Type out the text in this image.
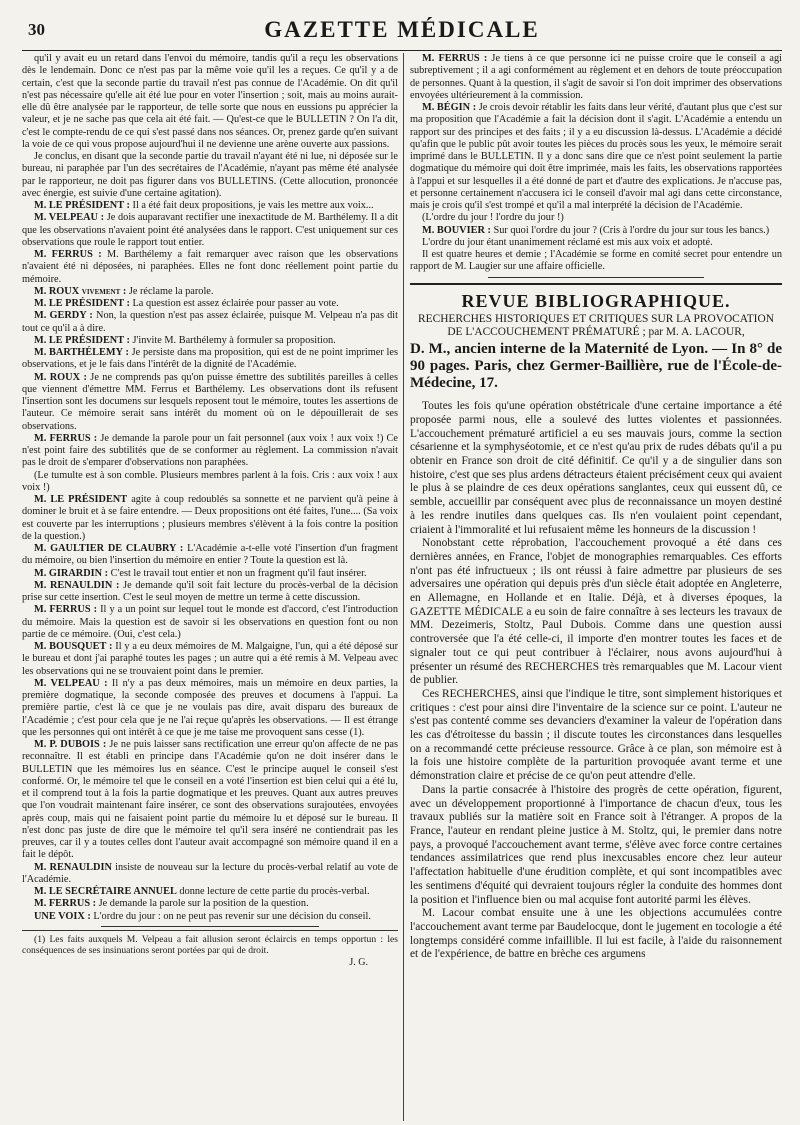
30	GAZETTE MÉDICALE

qu'il y avait eu un retard dans l'envoi du mémoire, tandis qu'il a reçu les observations dès le lendemain. Donc ce n'est pas par la même voie qu'il les a reçues. Ce qu'il y a de certain, c'est que la seconde partie du travail n'est pas connue de l'Académie. On dit qu'il n'est pas nécessaire qu'elle ait été lue pour en voter l'insertion ; soit, mais au moins aurait-elle dû être analysée par le rapporteur, de telle sorte que nous en eussions pu apprécier la valeur, et je ne sache pas que cela ait été fait. — Qu'est-ce que le BULLETIN ? On l'a dit, c'est le compte-rendu de ce qui s'est passé dans nos séances. Or, prenez garde qu'en suivant la voie de ce qui vous propose aujourd'hui il ne devienne une arène ouverte aux passions.

Je conclus, en disant que la seconde partie du travail n'ayant été ni lue, ni déposée sur le bureau, ni paraphée par l'un des secrétaires de l'Académie, n'ayant pas même été analysée par le rapporteur, ne doit pas figurer dans vos BULLETINS. (Cette allocution, prononcée avec énergie, est suivie d'une certaine agitation).

M. LE PRÉSIDENT : Il a été fait deux propositions, je vais les mettre aux voix...

M. VELPEAU : Je dois auparavant rectifier une inexactitude de M. Barthélemy. Il a dit que les observations n'avaient point été analysées dans le rapport. C'est uniquement sur ces observations que roule le rapport tout entier.

M. FERRUS : M. Barthélemy a fait remarquer avec raison que les observations n'avaient été ni déposées, ni paraphées. Elles ne font donc réellement point partie du mémoire.

M. ROUX vivement : Je réclame la parole.

M. LE PRÉSIDENT : La question est assez éclairée pour passer au vote.

M. GERDY : Non, la question n'est pas assez éclairée, puisque M. Velpeau n'a pas dit tout ce qu'il a à dire.

M. LE PRÉSIDENT : J'invite M. Barthélemy à formuler sa proposition.

M. BARTHÉLEMY : Je persiste dans ma proposition, qui est de ne point imprimer les observations, et je le fais dans l'intérêt de la dignité de l'Académie.

M. ROUX : Je ne comprends pas qu'on puisse émettre des subtilités pareilles à celles que viennent d'émettre MM. Ferrus et Barthélemy. Les observations dont ils refusent l'insertion sont les documens sur lesquels reposent tout le mémoire, toutes les assertions de l'auteur. Ce mémoire serait sans intérêt du moment où on le dépouillerait de ses observations.

M. FERRUS : Je demande la parole pour un fait personnel (aux voix ! aux voix !) Ce n'est point faire des subtilités que de se conformer au règlement. La commission n'avait pas le droit de s'emparer d'observations non paraphées.

(Le tumulte est à son comble. Plusieurs membres parlent à la fois. Cris : aux voix ! aux voix !)

M. LE PRÉSIDENT agite à coup redoublés sa sonnette et ne parvient qu'à peine à dominer le bruit et à se faire entendre. — Deux propositions ont été faites, l'une.... (Sa voix est couverte par les interruptions ; plusieurs membres s'élèvent à la fois contre la position de la question.)

M. GAULTIER DE CLAUBRY : L'Académie a-t-elle voté l'insertion d'un fragment du mémoire, ou bien l'insertion du mémoire en entier ? Toute la question est là.

M. GIRARDIN : C'est le travail tout entier et non un fragment qu'il faut insérer.

M. RENAULDIN : Je demande qu'il soit fait lecture du procès-verbal de la décision prise sur cette insertion. C'est le seul moyen de mettre un terme à cette discussion.

M. FERRUS : Il y a un point sur lequel tout le monde est d'accord, c'est l'introduction du mémoire. Mais la question est de savoir si les observations en question font ou non partie de ce mémoire. (Oui, c'est cela.)

M. BOUSQUET : Il y a eu deux mémoires de M. Malgaigne, l'un, qui a été déposé sur le bureau et dont j'ai paraphé toutes les pages ; un autre qui a été remis à M. Velpeau avec les observations qui ne se trouvaient point dans le premier.

M. VELPEAU : Il n'y a pas deux mémoires, mais un mémoire en deux parties, la première dogmatique, la seconde composée des preuves et documens à l'appui. La première partie, c'est là ce que je ne voulais pas dire, avait disparu des bureaux de l'Académie ; c'est pour cela que je ne l'ai reçue qu'après les observations. — Il est étrange que les personnes qui ont intérêt à ce que je me taise me provoquent sans cesse (1).

M. P. DUBOIS : Je ne puis laisser sans rectification une erreur qu'on affecte de ne pas reconnaître. Il est établi en principe dans l'Académie qu'on ne doit insérer dans le BULLETIN que les mémoires lus en séance. C'est le principe auquel le conseil s'est conformé. Or, le mémoire tel que le conseil en a voté l'insertion est bien celui qui a été lu, et il comprend tout à la fois la partie dogmatique et les preuves. Quant aux autres preuves que l'on voudrait maintenant faire insérer, ce sont des observations surajoutées, envoyées après coup, mais qui ne faisaient point partie du mémoire lu et déposé sur le bureau. Il n'est donc pas juste de dire que le mémoire tel qu'il sera inséré ne contiendrait pas les preuves, car il y a toutes celles dont l'auteur avait accompagné son mémoire quand il en a fait le dépôt.

M. RENAULDIN insiste de nouveau sur la lecture du procès-verbal relatif au vote de l'Académie.

M. LE SECRÉTAIRE ANNUEL donne lecture de cette partie du procès-verbal.

M. FERRUS : Je demande la parole sur la position de la question.

UNE VOIX : L'ordre du jour : on ne peut pas revenir sur une décision du conseil.

(1) Les faits auxquels M. Velpeau a fait allusion seront éclaircis en temps opportun : les conséquences de ses insinuations seront portées par qui de droit.

J. G.

M. FERRUS : Je tiens à ce que personne ici ne puisse croire que le conseil a agi subreptivement ; il a agi conformément au règlement et en dehors de toute préoccupation de personnes. Quant à la question, il s'agit de savoir si l'on doit imprimer des observations envoyées ultérieurement à la commission.

M. BÉGIN : Je crois devoir rétablir les faits dans leur vérité, d'autant plus que c'est sur ma proposition que l'Académie a fait la décision dont il s'agit. L'Académie a entendu un rapport sur des principes et des faits ; il y a eu discussion là-dessus. L'Académie a décidé qu'afin que le public pût avoir toutes les pièces du procès sous les yeux, le mémoire serait imprimé dans le BULLETIN. Il y a donc sans dire que ce n'est point seulement la partie dogmatique du mémoire qui doit être imprimée, mais les faits, les observations rapportées à l'appui et sur lesquelles il a été donné de part et d'autre des explications. Je n'accuse pas, et personne certainement n'accusera ici le conseil d'avoir mal agi dans cette circonstance, mais je crois qu'il s'est trompé et qu'il a mal interprété la décision de l'Académie.

(L'ordre du jour ! l'ordre du jour !)

M. BOUVIER : Sur quoi l'ordre du jour ? (Cris à l'ordre du jour sur tous les bancs.)

L'ordre du jour étant unanimement réclamé est mis aux voix et adopté.

Il est quatre heures et demie ; l'Académie se forme en comité secret pour entendre un rapport de M. Laugier sur une affaire officielle.

REVUE BIBLIOGRAPHIQUE.

RECHERCHES HISTORIQUES ET CRITIQUES SUR LA PROVOCATION DE L'ACCOUCHEMENT PRÉMATURÉ ; par M. A. LACOUR,

D. M., ancien interne de la Maternité de Lyon. — In 8° de 90 pages. Paris, chez Germer-Baillière, rue de l'École-de-Médecine, 17.

Toutes les fois qu'une opération obstétricale d'une certaine importance a été proposée parmi nous, elle a soulevé des luttes violentes et passionnées. L'accouchement prématuré artificiel a eu ses mauvais jours, comme la section césarienne et la symphyséotomie, et ce n'est qu'au prix de rudes débats qu'il a pu obtenir en France son droit de cité définitif. Ce qu'il y a de singulier dans son histoire, c'est que ses plus ardens détracteurs étaient précisément ceux qui avaient le plus à se plaindre de ces deux opérations sanglantes, ceux qui eussent dû, ce semble, accueillir par conséquent avec plus de reconnaissance un moyen destiné à les rendre inutiles dans quelques cas. Ils n'en voulaient point cependant, criaient à l'immoralité et lui refusaient même les honneurs de la discussion !

Nonobstant cette réprobation, l'accouchement provoqué a été dans ces dernières années, en France, l'objet de monographies remarquables. Ces efforts n'ont pas été infructueux ; ils ont réussi à faire admettre par plusieurs de ses adversaires une opération qui depuis près d'un siècle était adoptée en Angleterre, en Allemagne, en Hollande et en Italie. Déjà, et à diverses époques, la GAZETTE MÉDICALE a eu soin de faire connaître à ses lecteurs les travaux de MM. Dezeimeris, Stoltz, Paul Dubois. Comme dans une question aussi controversée que l'a été celle-ci, il importe d'en montrer toutes les faces et de signaler tout ce qui peut contribuer à l'éclairer, nous avons aujourd'hui à présenter un résumé des RECHERCHES très remarquables que M. Lacour vient de publier.

Ces RECHERCHES, ainsi que l'indique le titre, sont simplement historiques et critiques : c'est pour ainsi dire l'inventaire de la science sur ce point. L'auteur ne s'est pas contenté comme ses devanciers d'examiner la valeur de l'opération dans les cas d'étroitesse du bassin ; il discute toutes les circonstances dans lesquelles on a recommandé cette précieuse ressource. Grâce à ce plan, son mémoire est à la fois une histoire complète de la parturition provoquée avant terme et une démonstration claire et précise de ce qu'on peut attendre d'elle.

Dans la partie consacrée à l'histoire des progrès de cette opération, figurent, avec un développement proportionné à l'importance de chacun d'eux, tous les travaux publiés sur la matière soit en France soit à l'étranger. A propos de la France, l'auteur en rendant pleine justice à M. Stoltz, qui, le premier dans notre pays, a provoqué l'accouchement avant terme, s'élève avec force contre certaines tendances assimilatrices que rend plus inexcusables encore chez leur auteur l'affectation habituelle d'une érudition complète, et qui sont incompatibles avec les sentimens d'équité qui devraient toujours régler la conduite des hommes dont la position et l'influence bien ou mal acquise font autorité parmi les élèves.

M. Lacour combat ensuite une à une les objections accumulées contre l'accouchement avant terme par Baudelocque, dont le jugement en tocologie a été longtemps considéré comme infaillible. Il lui est facile, à l'aide du raisonnement et de l'expérience, de battre en brèche ces argumens
